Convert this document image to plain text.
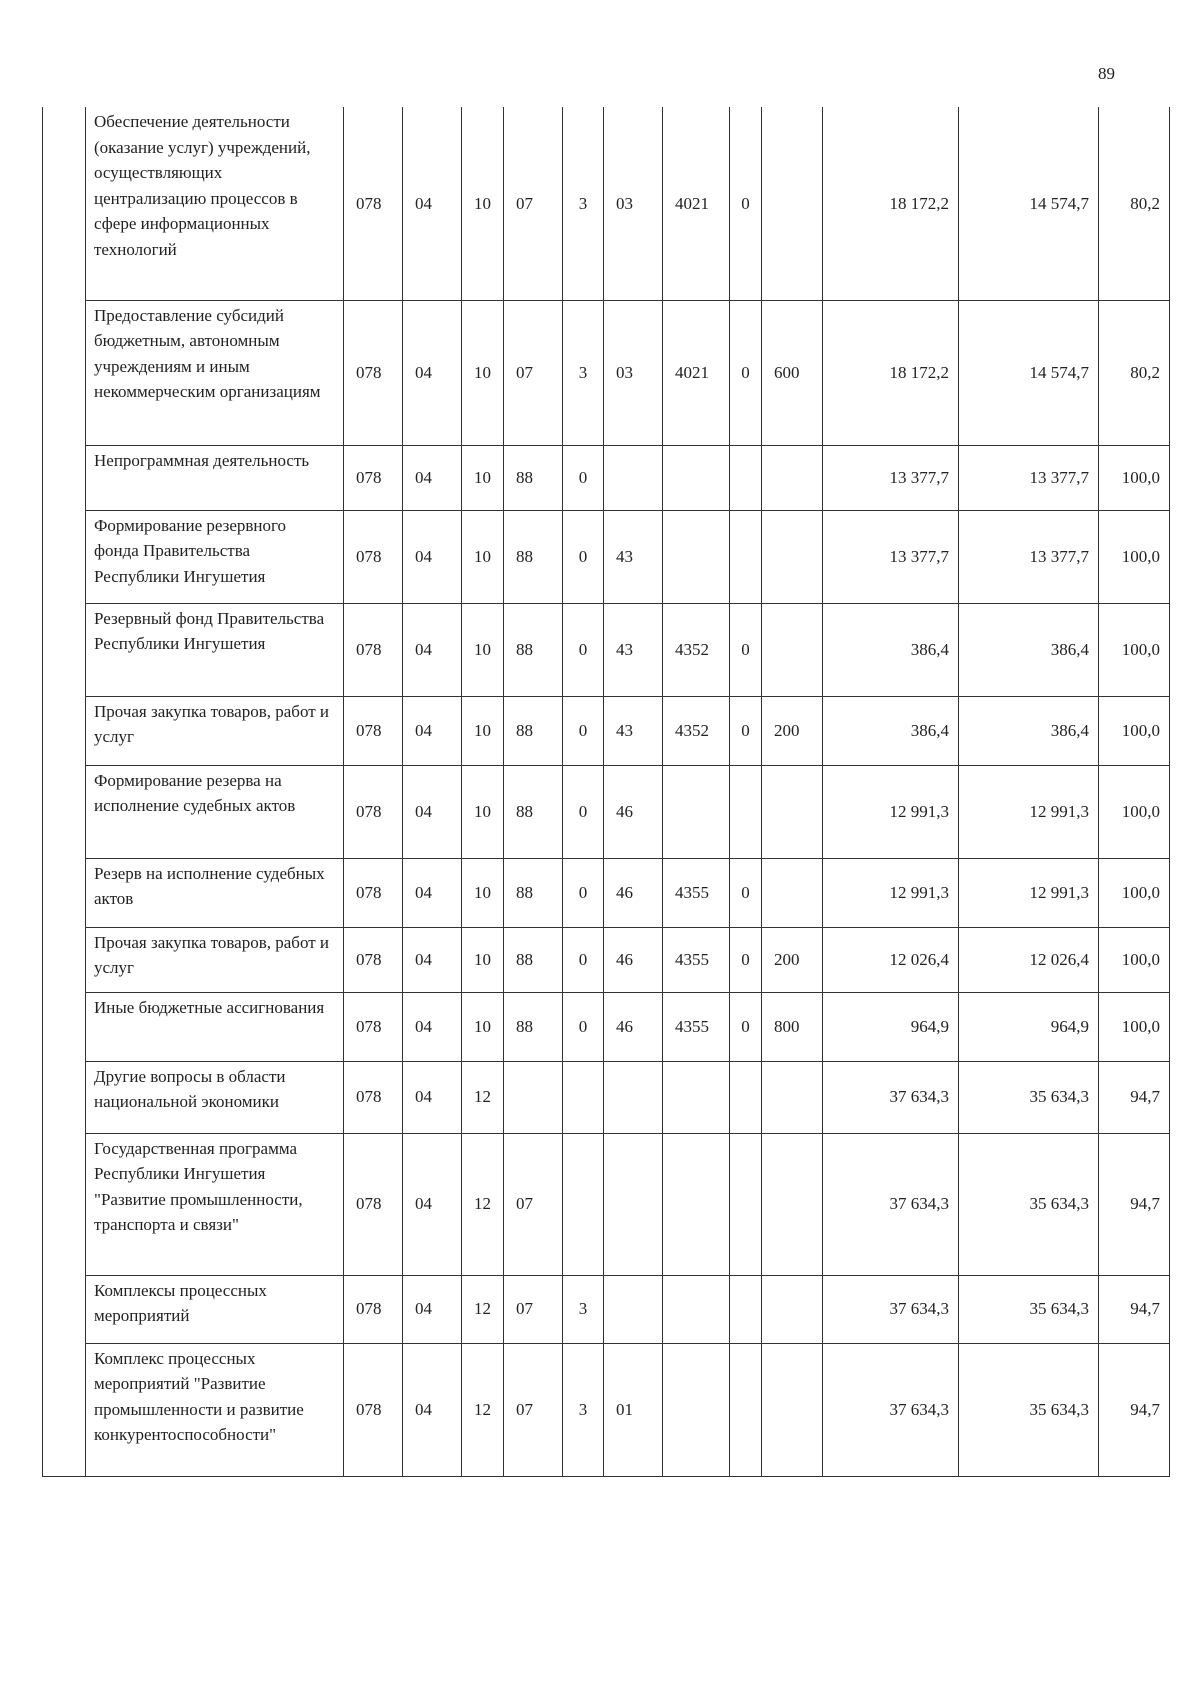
89
	Обеспечение деятельности (оказание услуг) учреждений, осуществляющих централизацию процессов в сфере информационных технологий	078	04	10	07	3	03	4021	0		18 172,2	14 574,7	80,2
	Предоставление субсидий бюджетным, автономным учреждениям и иным некоммерческим организациям	078	04	10	07	3	03	4021	0	600	18 172,2	14 574,7	80,2
	Непрограммная деятельность	078	04	10	88	0					13 377,7	13 377,7	100,0
	Формирование резервного фонда Правительства Республики Ингушетия	078	04	10	88	0	43				13 377,7	13 377,7	100,0
	Резервный фонд Правительства Республики Ингушетия	078	04	10	88	0	43	4352	0		386,4	386,4	100,0
	Прочая закупка товаров, работ и услуг	078	04	10	88	0	43	4352	0	200	386,4	386,4	100,0
	Формирование резерва на исполнение судебных актов	078	04	10	88	0	46				12 991,3	12 991,3	100,0
	Резерв на исполнение судебных актов	078	04	10	88	0	46	4355	0		12 991,3	12 991,3	100,0
	Прочая закупка товаров, работ и услуг	078	04	10	88	0	46	4355	0	200	12 026,4	12 026,4	100,0
	Иные бюджетные ассигнования	078	04	10	88	0	46	4355	0	800	964,9	964,9	100,0
	Другие вопросы в области национальной экономики	078	04	12							37 634,3	35 634,3	94,7
	Государственная программа Республики Ингушетия "Развитие промышленности, транспорта и связи"	078	04	12	07						37 634,3	35 634,3	94,7
	Комплексы процессных мероприятий	078	04	12	07	3					37 634,3	35 634,3	94,7
	Комплекс процессных мероприятий "Развитие промышленности и развитие конкурентоспособности"	078	04	12	07	3	01				37 634,3	35 634,3	94,7
